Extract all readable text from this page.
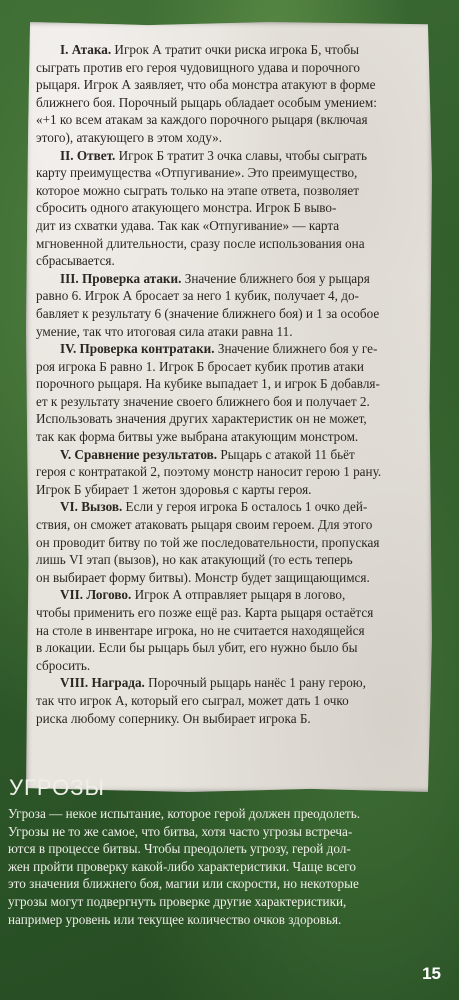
I. Атака. Игрок А тратит очки риска игрока Б, чтобы
сыграть против его героя чудовищного удава и порочного
рыцаря. Игрок А заявляет, что оба монстра атакуют в форме
ближнего боя. Порочный рыцарь обладает особым умением:
«+1 ко всем атакам за каждого порочного рыцаря (включая
этого), атакующего в этом ходу».

II. Ответ. Игрок Б тратит 3 очка славы, чтобы сыграть
карту преимущества «Отпугивание». Это преимущество,
которое можно сыграть только на этапе ответа, позволяет
сбросить одного атакующего монстра. Игрок Б выво-
дит из схватки удава. Так как «Отпугивание» — карта
мгновенной длительности, сразу после использования она
сбрасывается.

III. Проверка атаки. Значение ближнего боя у рыцаря
равно 6. Игрок А бросает за него 1 кубик, получает 4, до-
бавляет к результату 6 (значение ближнего боя) и 1 за особое
умение, так что итоговая сила атаки равна 11.

IV. Проверка контратаки. Значение ближнего боя у ге-
роя игрока Б равно 1. Игрок Б бросает кубик против атаки
порочного рыцаря. На кубике выпадает 1, и игрок Б добавля-
ет к результату значение своего ближнего боя и получает 2.
Использовать значения других характеристик он не может,
так как форма битвы уже выбрана атакующим монстром.

V. Сравнение результатов. Рыцарь с атакой 11 бьёт
героя с контратакой 2, поэтому монстр наносит герою 1 рану.
Игрок Б убирает 1 жетон здоровья с карты героя.

VI. Вызов. Если у героя игрока Б осталось 1 очко дей-
ствия, он сможет атаковать рыцаря своим героем. Для этого
он проводит битву по той же последовательности, пропуская
лишь VI этап (вызов), но как атакующий (то есть теперь
он выбирает форму битвы). Монстр будет защищающимся.

VII. Логово. Игрок А отправляет рыцаря в логово,
чтобы применить его позже ещё раз. Карта рыцаря остаётся
на столе в инвентаре игрока, но не считается находящейся
в локации. Если бы рыцарь был убит, его нужно было бы
сбросить.

VIII. Награда. Порочный рыцарь нанёс 1 рану герою,
так что игрок А, который его сыграл, может дать 1 очко
риска любому сопернику. Он выбирает игрока Б.

УГРОЗЫ

Угроза — некое испытание, которое герой должен преодолеть.
Угрозы не то же самое, что битва, хотя часто угрозы встреча-
ются в процессе битвы. Чтобы преодолеть угрозу, герой дол-
жен пройти проверку какой-либо характеристики. Чаще всего
это значения ближнего боя, магии или скорости, но некоторые
угрозы могут подвергнуть проверке другие характеристики,
например уровень или текущее количество очков здоровья.

15
